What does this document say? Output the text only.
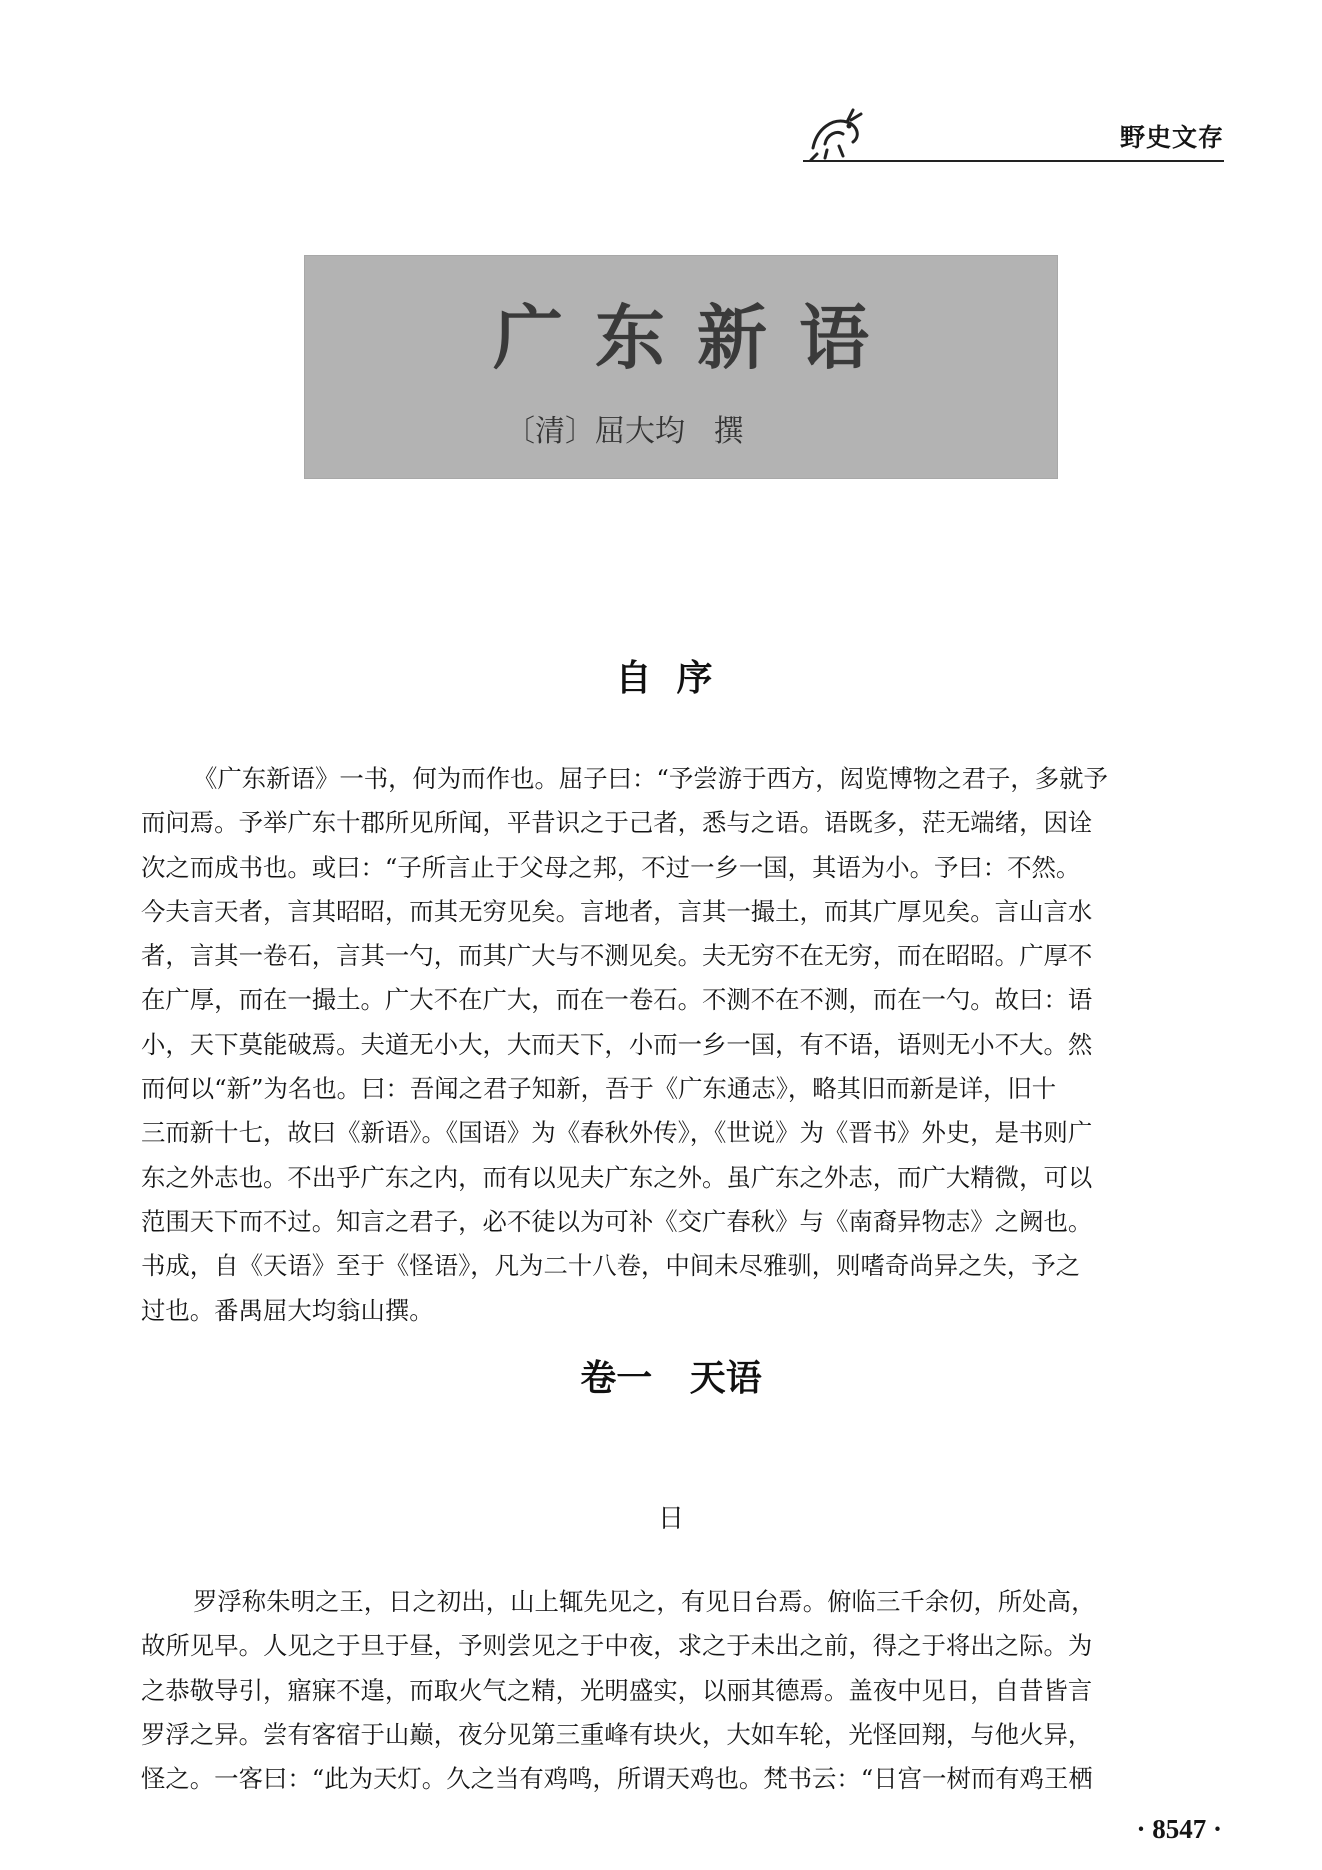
野史文存
广东新语
〔清〕屈大均   撰
自  序
《广东新语》一书，何为而作也。屈子曰：“予尝游于西方，闳览博物之君子，多就予
而问焉。予举广东十郡所见所闻，平昔识之于己者，悉与之语。语既多，茫无端绪，因诠
次之而成书也。或曰：“子所言止于父母之邦，不过一乡一国，其语为小。予曰：不然。
今夫言天者，言其昭昭，而其无穷见矣。言地者，言其一撮土，而其广厚见矣。言山言水
者，言其一卷石，言其一勺，而其广大与不测见矣。夫无穷不在无穷，而在昭昭。广厚不
在广厚，而在一撮土。广大不在广大，而在一卷石。不测不在不测，而在一勺。故曰：语
小，天下莫能破焉。夫道无小大，大而天下，小而一乡一国，有不语，语则无小不大。然
而何以“新”为名也。曰：吾闻之君子知新，吾于《广东通志》，略其旧而新是详，旧十
三而新十七，故曰《新语》。《国语》为《春秋外传》，《世说》为《晋书》外史，是书则广
东之外志也。不出乎广东之内，而有以见夫广东之外。虽广东之外志，而广大精微，可以
范围天下而不过。知言之君子，必不徒以为可补《交广春秋》与《南裔异物志》之阙也。
书成，自《天语》至于《怪语》，凡为二十八卷，中间未尽雅驯，则嗜奇尚异之失，予之
过也。番禺屈大均翁山撰。
卷一   天语
日
罗浮称朱明之王，日之初出，山上辄先见之，有见日台焉。俯临三千余仞，所处高，
故所见早。人见之于旦于昼，予则尝见之于中夜，求之于未出之前，得之于将出之际。为
之恭敬导引，寤寐不遑，而取火气之精，光明盛实，以丽其德焉。盖夜中见日，自昔皆言
罗浮之异。尝有客宿于山巅，夜分见第三重峰有块火，大如车轮，光怪回翔，与他火异，
怪之。一客曰：“此为天灯。久之当有鸡鸣，所谓天鸡也。梵书云：“日宫一树而有鸡王栖
· 8547 ·
